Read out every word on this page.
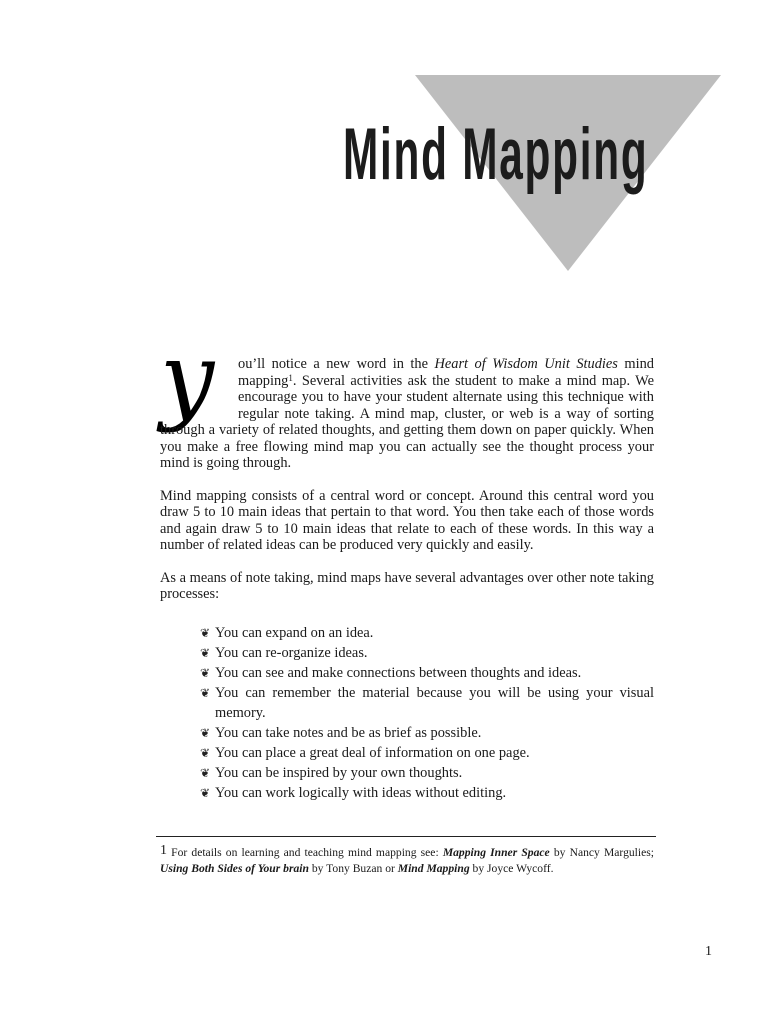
Mind Mapping
y	ou’ll notice a new word in the Heart of Wisdom Unit Studies mind mapping$^1$. Several activities ask the student to make a mind map. We encourage you to have your student alternate using this technique with regular note taking. A mind map, cluster, or web is a way of sorting through a variety of related thoughts, and getting them down on paper quickly. When you make a free flowing mind map you can actually see the thought process your mind is going through.

Mind mapping consists of a central word or concept. Around this central word you draw 5 to 10 main ideas that pertain to that word. You then take each of those words and again draw 5 to 10 main ideas that relate to each of these words. In this way a number of related ideas can be produced very quickly and easily.

As a means of note taking, mind maps have several advantages over other note taking processes:

❦ You can expand on an idea.
❦ You can re-organize ideas.
❦ You can see and make connections between thoughts and ideas.
❦ You can remember the material because you will be using your visual memory.
❦ You can take notes and be as brief as possible.
❦ You can place a great deal of information on one page.
❦ You can be inspired by your own thoughts.
❦ You can work logically with ideas without editing.
1 For details on learning and teaching mind mapping see: Mapping Inner Space by Nancy Margulies; Using Both Sides of Your brain by Tony Buzan or Mind Mapping by Joyce Wycoff.
1
